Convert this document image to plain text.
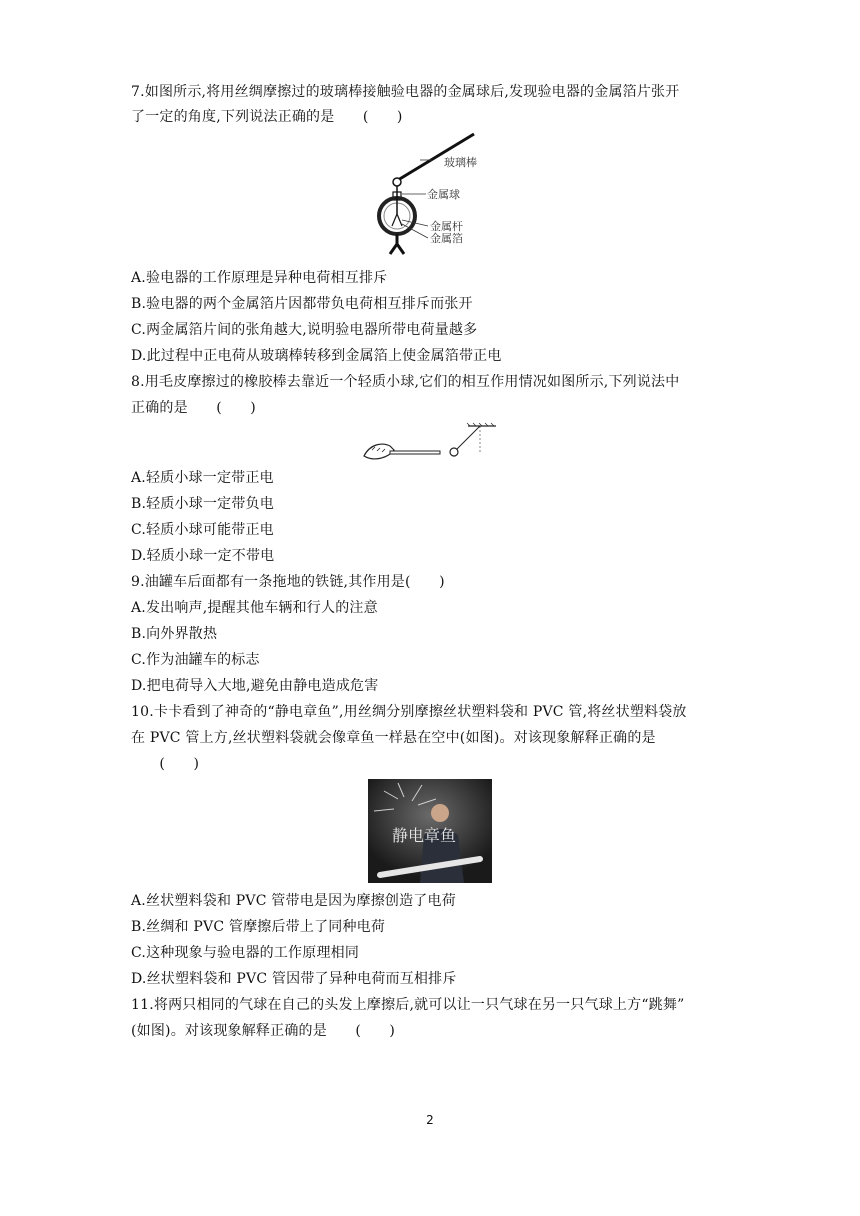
7.如图所示,将用丝绸摩擦过的玻璃棒接触验电器的金属球后,发现验电器的金属箔片张开
了一定的角度,下列说法正确的是　　(　　)
玻璃棒
金属球
金属杆
金属箔
A.验电器的工作原理是异种电荷相互排斥
B.验电器的两个金属箔片因都带负电荷相互排斥而张开
C.两金属箔片间的张角越大,说明验电器所带电荷量越多
D.此过程中正电荷从玻璃棒转移到金属箔上使金属箔带正电
8.用毛皮摩擦过的橡胶棒去靠近一个轻质小球,它们的相互作用情况如图所示,下列说法中
正确的是　　(　　)
A.轻质小球一定带正电
B.轻质小球一定带负电
C.轻质小球可能带正电
D.轻质小球一定不带电
9.油罐车后面都有一条拖地的铁链,其作用是(　　)
A.发出响声,提醒其他车辆和行人的注意
B.向外界散热
C.作为油罐车的标志
D.把电荷导入大地,避免由静电造成危害
10.卡卡看到了神奇的“静电章鱼”,用丝绸分别摩擦丝状塑料袋和 PVC 管,将丝状塑料袋放
在 PVC 管上方,丝状塑料袋就会像章鱼一样悬在空中(如图)。对该现象解释正确的是
　　(　　)
静电章鱼
A.丝状塑料袋和 PVC 管带电是因为摩擦创造了电荷
B.丝绸和 PVC 管摩擦后带上了同种电荷
C.这种现象与验电器的工作原理相同
D.丝状塑料袋和 PVC 管因带了异种电荷而互相排斥
11.将两只相同的气球在自己的头发上摩擦后,就可以让一只气球在另一只气球上方“跳舞”
(如图)。对该现象解释正确的是　　(　　)
2
